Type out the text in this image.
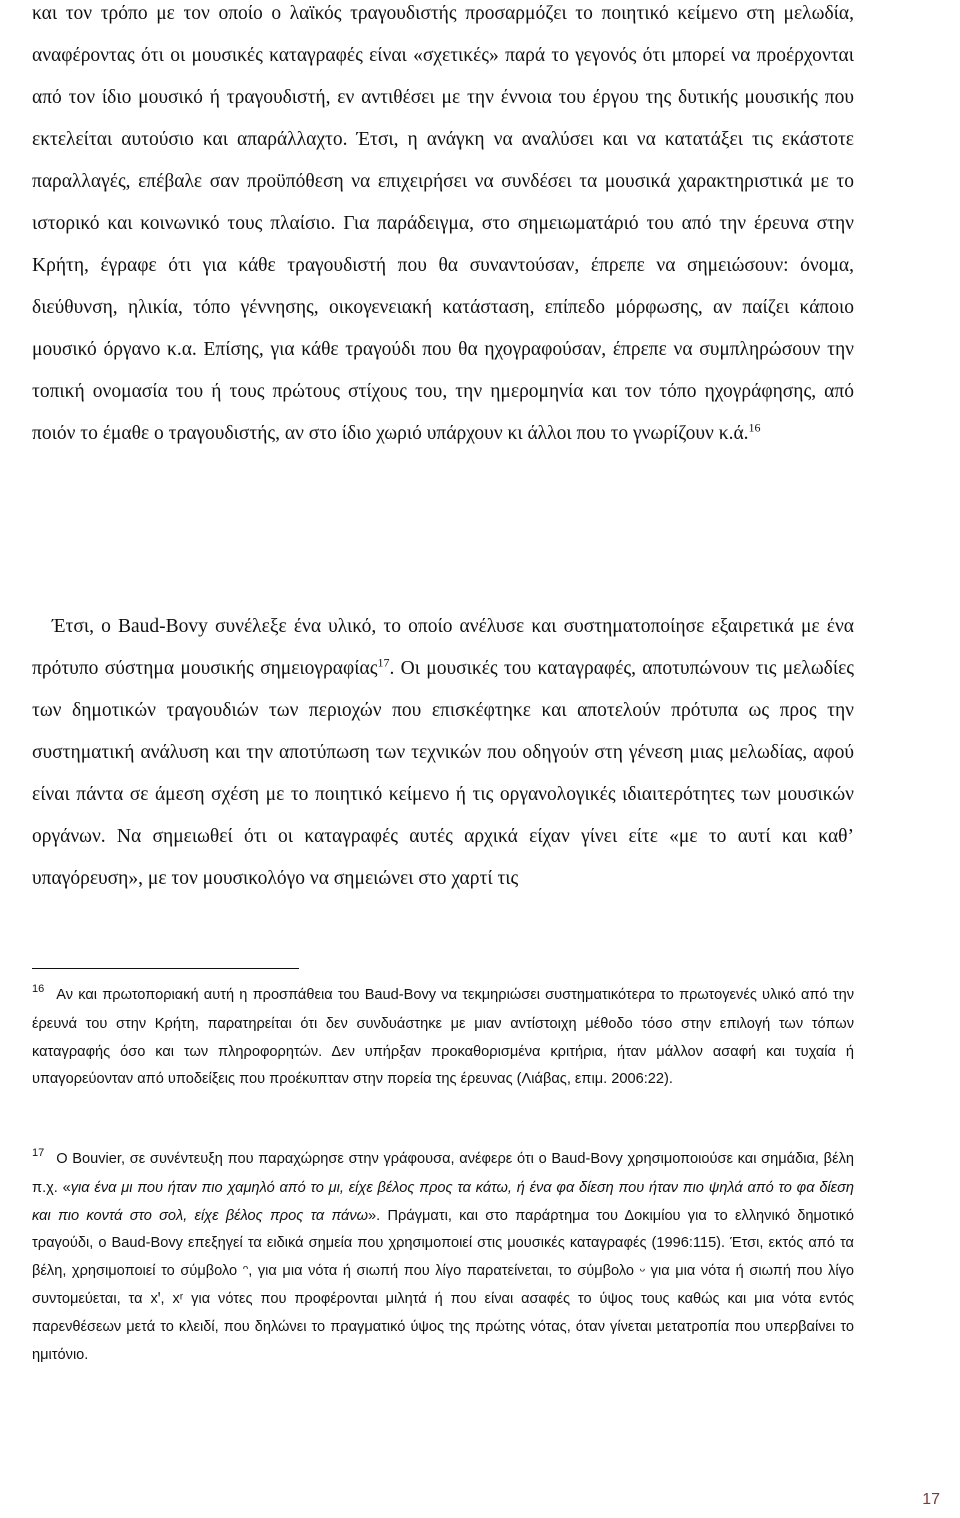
και τον τρόπο με τον οποίο ο λαϊκός τραγουδιστής προσαρμόζει το ποιητικό κείμενο στη μελωδία, αναφέροντας ότι οι μουσικές καταγραφές είναι «σχετικές» παρά το γεγονός ότι μπορεί να προέρχονται από τον ίδιο μουσικό ή τραγουδιστή, εν αντιθέσει με την έννοια του έργου της δυτικής μουσικής που εκτελείται αυτούσιο και απαράλλαχτο. Έτσι, η ανάγκη να αναλύσει και να κατατάξει τις εκάστοτε παραλλαγές, επέβαλε σαν προϋπόθεση να επιχειρήσει να συνδέσει τα μουσικά χαρακτηριστικά με το ιστορικό και κοινωνικό τους πλαίσιο. Για παράδειγμα, στο σημειωματάριό του από την έρευνα στην Κρήτη, έγραφε ότι για κάθε τραγουδιστή που θα συναντούσαν, έπρεπε να σημειώσουν: όνομα, διεύθυνση, ηλικία, τόπο γέννησης, οικογενειακή κατάσταση, επίπεδο μόρφωσης, αν παίζει κάποιο μουσικό όργανο κ.α. Επίσης, για κάθε τραγούδι που θα ηχογραφούσαν, έπρεπε να συμπληρώσουν την τοπική ονομασία του ή τους πρώτους στίχους του, την ημερομηνία και τον τόπο ηχογράφησης, από ποιόν το έμαθε ο τραγουδιστής, αν στο ίδιο χωριό υπάρχουν κι άλλοι που το γνωρίζουν κ.ά.$^{16}$
Έτσι, ο Baud-Bovy συνέλεξε ένα υλικό, το οποίο ανέλυσε και συστηματοποίησε εξαιρετικά με ένα πρότυπο σύστημα μουσικής σημειογραφίας$^{17}$. Οι μουσικές του καταγραφές, αποτυπώνουν τις μελωδίες των δημοτικών τραγουδιών των περιοχών που επισκέφτηκε και αποτελούν πρότυπα ως προς την συστηματική ανάλυση και την αποτύπωση των τεχνικών που οδηγούν στη γένεση μιας μελωδίας, αφού είναι πάντα σε άμεση σχέση με το ποιητικό κείμενο ή τις οργανολογικές ιδιαιτερότητες των μουσικών οργάνων. Να σημειωθεί ότι οι καταγραφές αυτές αρχικά είχαν γίνει είτε «με το αυτί και καθ’ υπαγόρευση», με τον μουσικολόγο να σημειώνει στο χαρτί τις
$^{16}$ Αν και πρωτοποριακή αυτή η προσπάθεια του Baud-Bovy να τεκμηριώσει συστηματικότερα το πρωτογενές υλικό από την έρευνά του στην Κρήτη, παρατηρείται ότι δεν συνδυάστηκε με μιαν αντίστοιχη μέθοδο τόσο στην επιλογή των τόπων καταγραφής όσο και των πληροφορητών. Δεν υπήρξαν προκαθορισμένα κριτήρια, ήταν μάλλον ασαφή και τυχαία ή υπαγορεύονταν από υποδείξεις που προέκυπταν στην πορεία της έρευνας (Λιάβας, επιμ. 2006:22).
$^{17}$ Ο Bouvier, σε συνέντευξη που παραχώρησε στην γράφουσα, ανέφερε ότι ο Baud-Bovy χρησιμοποιούσε και σημάδια, βέλη π.χ. «για ένα μι που ήταν πιο χαμηλό από το μι, είχε βέλος προς τα κάτω, ή ένα φα δίεση που ήταν πιο ψηλά από το φα δίεση και πιο κοντά στο σολ, είχε βέλος προς τα πάνω». Πράγματι, και στο παράρτημα του Δοκιμίου για το ελληνικό δημοτικό τραγούδι, ο Baud-Bovy επεξηγεί τα ειδικά σημεία που χρησιμοποιεί στις μουσικές καταγραφές (1996:115). Έτσι, εκτός από τα βέλη, χρησιμοποιεί το σύμβολο ᵔ, για μια νότα ή σιωπή που λίγο παρατείνεται, το σύμβολο ᵕ για μια νότα ή σιωπή που λίγο συντομεύεται, τα xꞌ, xʳ για νότες που προφέρονται μιλητά ή που είναι ασαφές το ύψος τους καθώς και μια νότα εντός παρενθέσεων μετά το κλειδί, που δηλώνει το πραγματικό ύψος της πρώτης νότας, όταν γίνεται μετατροπία που υπερβαίνει το ημιτόνιο.
17
